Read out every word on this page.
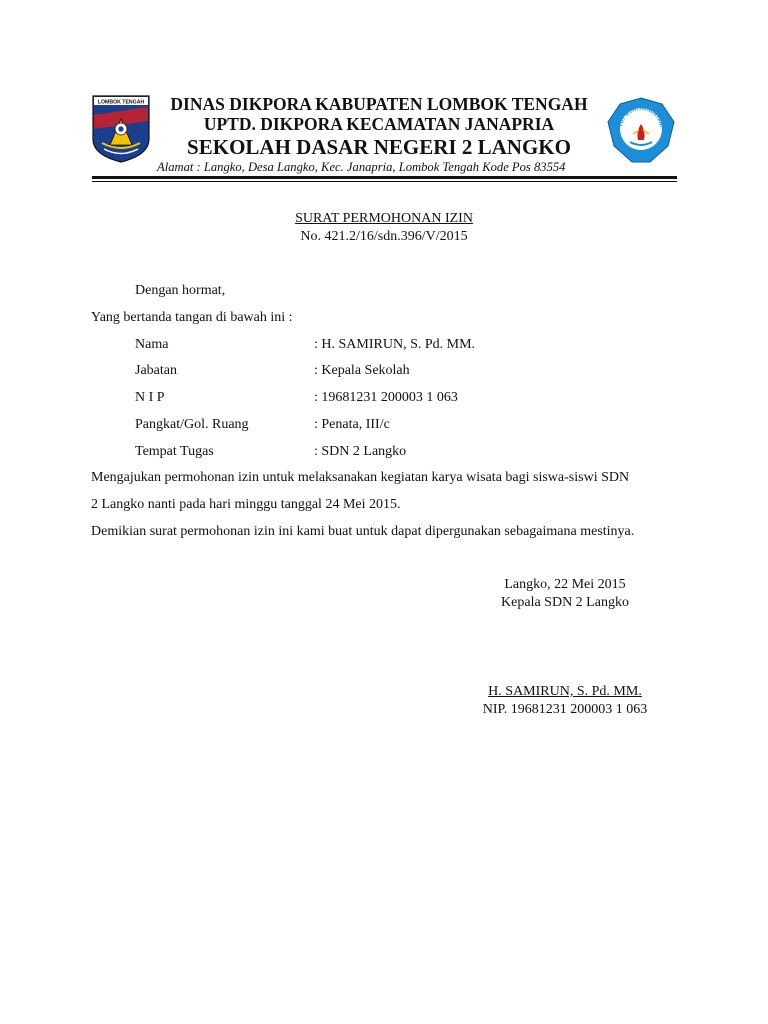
LOMBOK TENGAH
TUT WURI HANDAYANI
DINAS DIKPORA KABUPATEN LOMBOK TENGAH
UPTD. DIKPORA KECAMATAN JANAPRIA
SEKOLAH DASAR NEGERI 2 LANGKO
Alamat : Langko, Desa Langko, Kec. Janapria, Lombok Tengah Kode Pos 83554
SURAT PERMOHONAN IZIN
No. 421.2/16/sdn.396/V/2015
Dengan hormat,
Yang bertanda tangan di bawah ini :
Nama	: H. SAMIRUN, S. Pd. MM.
Jabatan	: Kepala Sekolah
N I P	: 19681231 200003 1 063
Pangkat/Gol. Ruang	: Penata, III/c
Tempat Tugas	: SDN 2 Langko
Mengajukan permohonan izin untuk melaksanakan kegiatan karya wisata bagi siswa-siswi SDN
2 Langko nanti pada hari minggu tanggal 24 Mei 2015.
Demikian surat permohonan izin ini kami buat untuk dapat dipergunakan sebagaimana mestinya.
Langko, 22 Mei 2015
Kepala SDN 2 Langko
H. SAMIRUN, S. Pd. MM.
NIP. 19681231 200003 1 063
